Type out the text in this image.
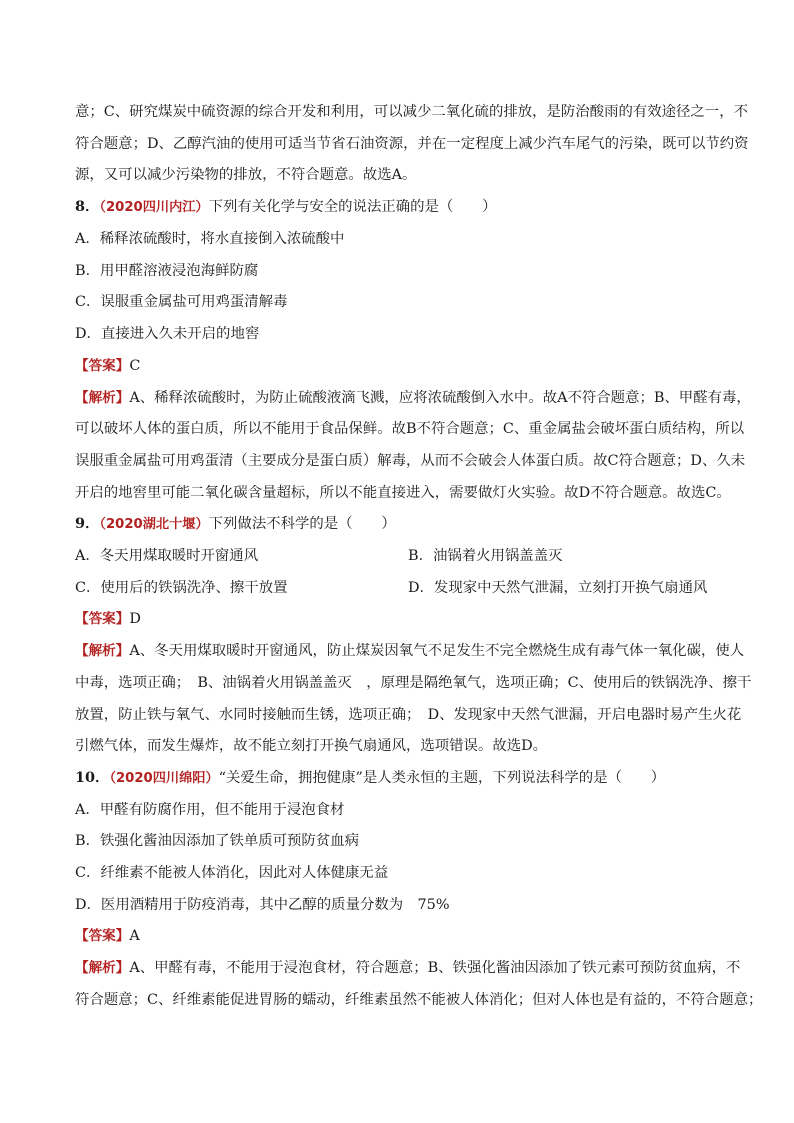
意；C、研究煤炭中硫资源的综合开发和利用，可以减少二氧化硫的排放，是防治酸雨的有效途径之一，不
符合题意；D、乙醇汽油的使用可适当节省石油资源，并在一定程度上减少汽车尾气的污染，既可以节约资
源，又可以减少污染物的排放，不符合题意。故选A。
8．（2020四川内江）下列有关化学与安全的说法正确的是（　　）
A．稀释浓硫酸时，将水直接倒入浓硫酸中
B．用甲醛溶液浸泡海鲜防腐
C．误服重金属盐可用鸡蛋清解毒
D．直接进入久未开启的地窖
【答案】C
【解析】A、稀释浓硫酸时，为防止硫酸液滴飞溅，应将浓硫酸倒入水中。故A不符合题意；B、甲醛有毒，
可以破坏人体的蛋白质，所以不能用于食品保鲜。故B不符合题意；C、重金属盐会破坏蛋白质结构，所以
误服重金属盐可用鸡蛋清（主要成分是蛋白质）解毒，从而不会破会人体蛋白质。故C符合题意；D、久未
开启的地窖里可能二氧化碳含量超标，所以不能直接进入，需要做灯火实验。故D不符合题意。故选C。
9．（2020湖北十堰）下列做法不科学的是（　　）
A．冬天用煤取暖时开窗通风	B．油锅着火用锅盖盖灭
C．使用后的铁锅洗净、擦干放置	D．发现家中天然气泄漏，立刻打开换气扇通风
【答案】D
【解析】A、冬天用煤取暖时开窗通风，防止煤炭因氧气不足发生不完全燃烧生成有毒气体一氧化碳，使人
中毒，选项正确；　B、油锅着火用锅盖盖灭　，原理是隔绝氧气，选项正确；C、使用后的铁锅洗净、擦干
放置，防止铁与氧气、水同时接触而生锈，选项正确；　D、发现家中天然气泄漏，开启电器时易产生火花
引燃气体，而发生爆炸，故不能立刻打开换气扇通风，选项错误。故选D。
10．（2020四川绵阳）“关爱生命，拥抱健康”是人类永恒的主题，下列说法科学的是（　　）
A．甲醛有防腐作用，但不能用于浸泡食材
B．铁强化酱油因添加了铁单质可预防贫血病
C．纤维素不能被人体消化，因此对人体健康无益
D．医用酒精用于防疫消毒，其中乙醇的质量分数为　75%
【答案】A
【解析】A、甲醛有毒，不能用于浸泡食材，符合题意；B、铁强化酱油因添加了铁元素可预防贫血病，不
符合题意；C、纤维素能促进胃肠的蠕动，纤维素虽然不能被人体消化；但对人体也是有益的，不符合题意；
